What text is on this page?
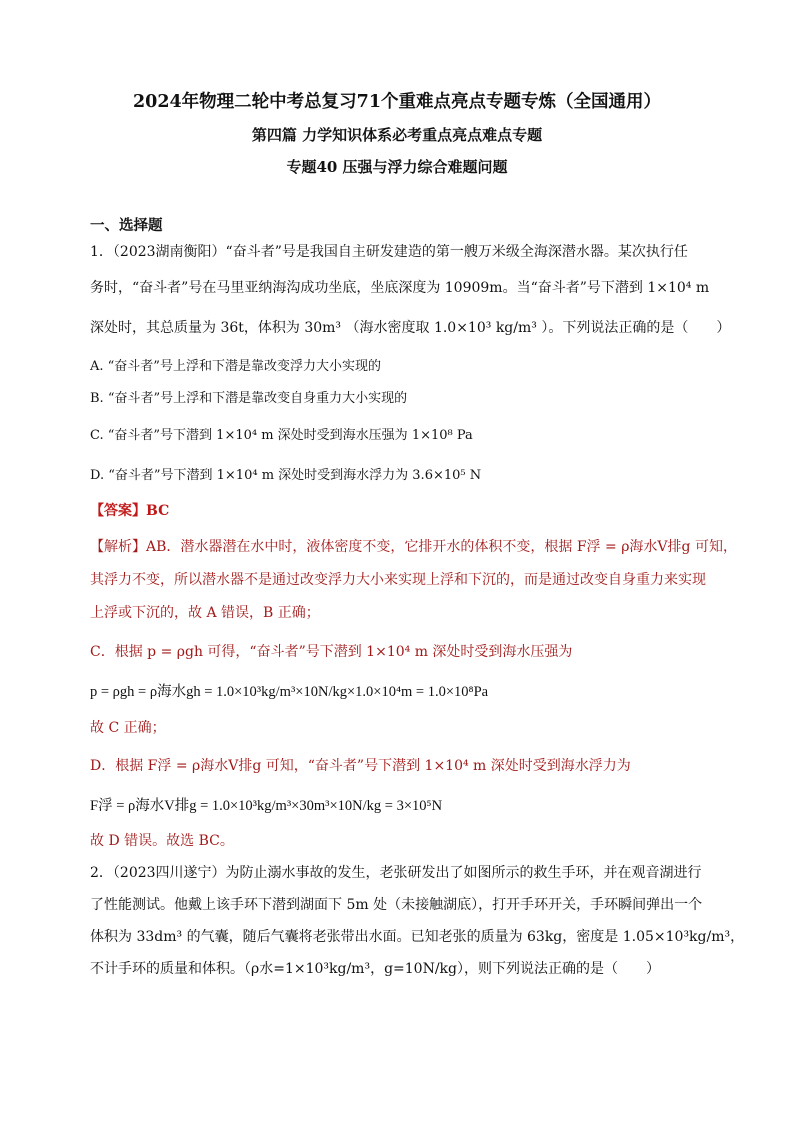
2024年物理二轮中考总复习71个重难点亮点专题专炼（全国通用）
第四篇 力学知识体系必考重点亮点难点专题
专题40 压强与浮力综合难题问题
一、选择题
1．（2023湖南衡阳）“奋斗者”号是我国自主研发建造的第一艘万米级全海深潜水器。某次执行任
务时，“奋斗者”号在马里亚纳海沟成功坐底，坐底深度为 10909m。当“奋斗者”号下潜到 1×10⁴ m
深处时，其总质量为 36t，体积为 30m³ （海水密度取 1.0×10³ kg/m³ ）。下列说法正确的是（　　）
A. “奋斗者”号上浮和下潜是靠改变浮力大小实现的
B. “奋斗者”号上浮和下潜是靠改变自身重力大小实现的
C. “奋斗者”号下潜到 1×10⁴ m 深处时受到海水压强为 1×10⁸ Pa
D. “奋斗者”号下潜到 1×10⁴ m 深处时受到海水浮力为 3.6×10⁵ N
【答案】BC
【解析】AB．潜水器潜在水中时，液体密度不变，它排开水的体积不变，根据 F浮 = ρ海水V排g 可知，
其浮力不变，所以潜水器不是通过改变浮力大小来实现上浮和下沉的，而是通过改变自身重力来实现
上浮或下沉的，故 A 错误，B 正确；
C．根据 p = ρgh 可得，“奋斗者”号下潜到 1×10⁴ m 深处时受到海水压强为
p = ρgh = ρ海水gh = 1.0×10³kg/m³×10N/kg×1.0×10⁴m = 1.0×10⁸Pa
故 C 正确；
D．根据 F浮 = ρ海水V排g 可知，“奋斗者”号下潜到 1×10⁴ m 深处时受到海水浮力为
F浮 = ρ海水V排g = 1.0×10³kg/m³×30m³×10N/kg = 3×10⁵N
故 D 错误。故选 BC。
2．（2023四川遂宁）为防止溺水事故的发生，老张研发出了如图所示的救生手环，并在观音湖进行
了性能测试。他戴上该手环下潜到湖面下 5m 处（未接触湖底），打开手环开关，手环瞬间弹出一个
体积为 33dm³ 的气囊，随后气囊将老张带出水面。已知老张的质量为 63kg，密度是 1.05×10³kg/m³，
不计手环的质量和体积。（ρ水=1×10³kg/m³，g=10N/kg），则下列说法正确的是（　　）
